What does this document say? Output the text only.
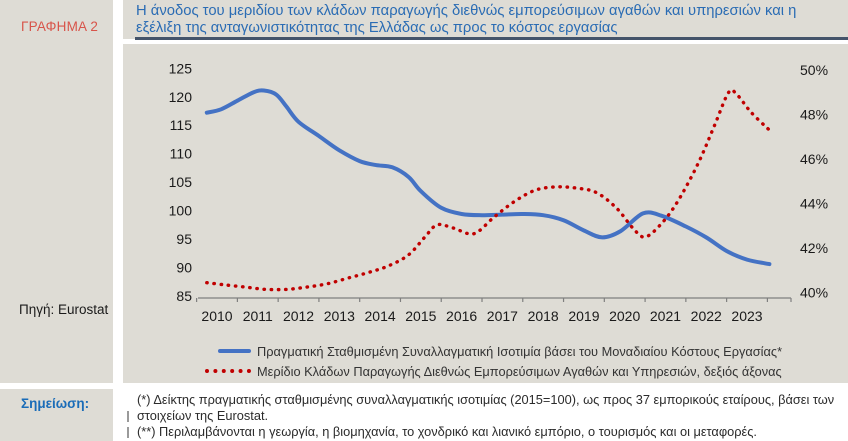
ΓΡΑΦΗΜΑ 2
Πηγή: Eurostat
Η άνοδος του μεριδίου των κλάδων παραγωγής διεθνώς εμπορεύσιμων αγαθών και υπηρεσιών και η
εξέλιξη της ανταγωνιστικότητας της Ελλάδας ως προς το κόστος εργασίας
125
120
115
110
105
100
95
90
85
50%
48%
46%
44%
42%
40%
2010 2011 2012 2013 2014 2015 2016 2017 2018 2019 2020 2021 2022 2023
Πραγματική Σταθμισμένη Συναλλαγματική Ισοτιμία βάσει του Μοναδιαίου Κόστους Εργασίας*
Μερίδιο Κλάδων Παραγωγής Διεθνώς Εμπορεύσιμων Αγαθών και Υπηρεσιών, δεξιός άξονας
Σημείωση:	(*) Δείκτης πραγματικής σταθμισμένης συναλλαγματικής ισοτιμίας (2015=100), ως προς 37 εμπορικούς εταίρους, βάσει των
στοιχείων της Eurostat.
(**) Περιλαμβάνονται η γεωργία, η βιομηχανία, το χονδρικό και λιανικό εμπόριο, ο τουρισμός και οι μεταφορές.
